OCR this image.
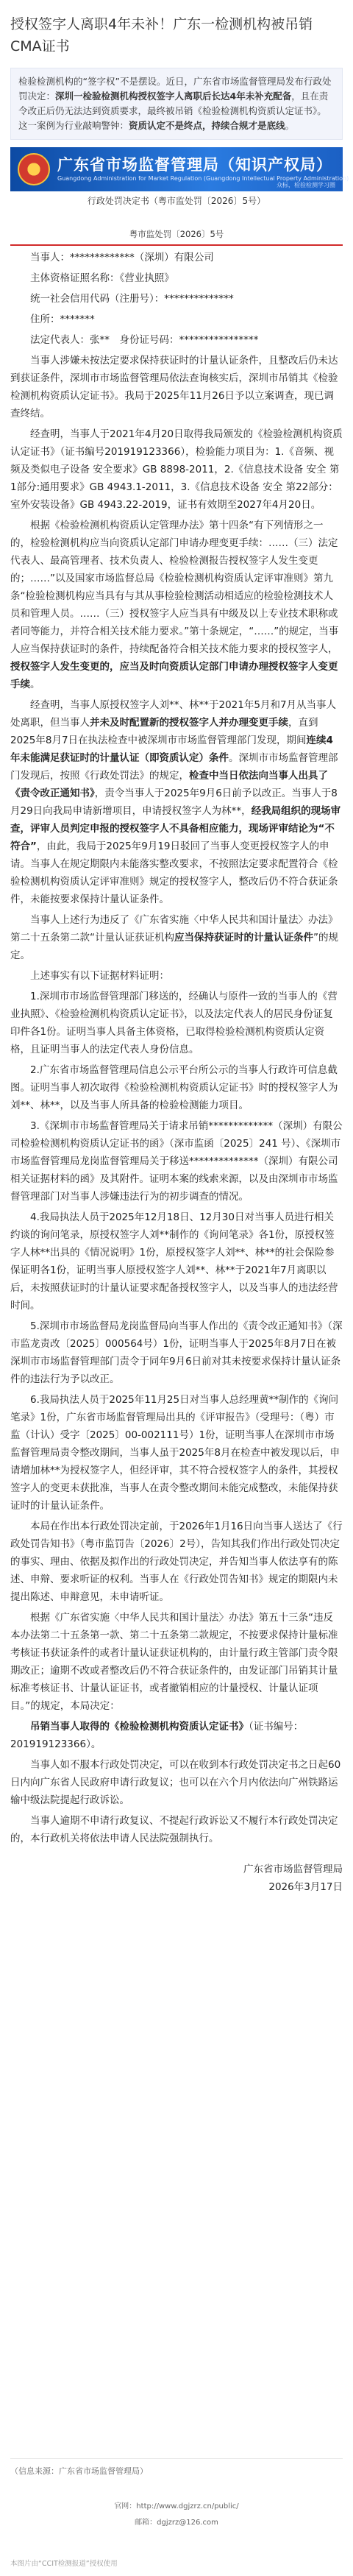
授权签字人离职4年未补！广东一检测机构被吊销CMA证书
检验检测机构的“签字权”不是摆设。近日，广东省市场监督管理局发布行政处罚决定：深圳一检验检测机构授权签字人离职后长达4年未补充配备，且在责令改正后仍无法达到资质要求，最终被吊销《检验检测机构资质认定证书》。这一案例为行业敲响警钟：资质认定不是终点，持续合规才是底线。
广东省市场监督管理局（知识产权局）
Guangdong Administration for Market Regulation (Guangdong Intellectual Property Administration)
众标，检验检测学习圈
行政处罚决定书（粤市监处罚〔2026〕5号）
粤市监处罚〔2026〕5号

当事人：*************（深圳）有限公司

主体资格证照名称：《营业执照》

统一社会信用代码（注册号）：**************

住所：*******

法定代表人：张**　身份证号码：****************

当事人涉嫌未按法定要求保持获证时的计量认证条件，且整改后仍未达到获证条件，深圳市市场监督管理局依法查询核实后，深圳市吊销其《检验检测机构资质认定证书》。我局于2025年11月26日予以立案调查，现已调查终结。

经查明，当事人于2021年4月20日取得我局颁发的《检验检测机构资质认定证书》（证书编号201919123366），检验能力项目为：1.《音频、视频及类似电子设备 安全要求》GB 8898-2011，2.《信息技术设备 安全 第1部分:通用要求》GB 4943.1-2011，3.《信息技术设备 安全 第22部分：室外安装设备》GB 4943.22-2019，证书有效期至2027年4月20日。

根据《检验检测机构资质认定管理办法》第十四条“有下列情形之一的，检验检测机构应当向资质认定部门申请办理变更手续：……（三）法定代表人、最高管理者、技术负责人、检验检测报告授权签字人发生变更的；……”以及国家市场监督总局《检验检测机构资质认定评审准则》第九条“检验检测机构应当具有与其从事检验检测活动相适应的检验检测技术人员和管理人员。……（三）授权签字人应当具有中级及以上专业技术职称或者同等能力，并符合相关技术能力要求。”第十条规定，“……”的规定，当事人应当保持获证时的条件，持续配备符合相关技术能力要求的授权签字人，授权签字人发生变更的，应当及时向资质认定部门申请办理授权签字人变更手续。

经查明，当事人原授权签字人刘**、林**于2021年5月和7月从当事人处离职，但当事人并未及时配置新的授权签字人并办理变更手续，直到2025年8月7日在执法检查中被深圳市市场监督管理部门发现，期间连续4年未能满足获证时的计量认证（即资质认定）条件。深圳市市场监督管理部门发现后，按照《行政处罚法》的规定，检查中当日依法向当事人出具了《责令改正通知书》，责令当事人于2025年9月6日前予以改正。当事人于8月29日向我局申请新增项目，申请授权签字人为林**，经我局组织的现场审查，评审人员判定申报的授权签字人不具备相应能力，现场评审结论为“不符合”，由此，我局于2025年9月19日驳回了当事人变更授权签字人的申请。当事人在规定期限内未能落实整改要求，不按照法定要求配置符合《检验检测机构资质认定评审准则》规定的授权签字人，整改后仍不符合获证条件，未能按要求保持计量认证条件。

当事人上述行为违反了《广东省实施〈中华人民共和国计量法〉办法》第二十五条第二款“计量认证获证机构应当保持获证时的计量认证条件”的规定。

上述事实有以下证据材料证明：

1.深圳市市场监督管理部门移送的，经确认与原件一致的当事人的《营业执照》、《检验检测机构资质认定证书》，以及法定代表人的居民身份证复印件各1份。证明当事人具备主体资格，已取得检验检测机构资质认定资格，且证明当事人的法定代表人身份信息。

2.广东省市场监督管理局信息公示平台所公示的当事人行政许可信息截图。证明当事人初次取得《检验检测机构资质认定证书》时的授权签字人为刘**、林**，以及当事人所具备的检验检测能力项目。

3.《深圳市市场监督管理局关于请求吊销*************（深圳）有限公司检验检测机构资质认定证书的函》（深市监函〔2025〕241 号）、《深圳市市场监督管理局龙岗监督管理局关于移送**************（深圳）有限公司相关证据材料的函》及其附件。证明本案的线索来源，以及由深圳市市场监督管理部门对当事人涉嫌违法行为的初步调查的情况。

4.我局执法人员于2025年12月18日、12月30日对当事人员进行相关约谈的询问笔录，原授权签字人刘**制作的《询问笔录》各1份，原授权签字人林**出具的《情况说明》1份，原授权签字人刘**、林**的社会保险参保证明各1份，证明当事人原授权签字人刘**、林**于2021年7月离职以后，未按照获证时的计量认证要求配备授权签字人，以及当事人的违法经营时间。

5.深圳市市场监督局龙岗监督局向当事人作出的《责令改正通知书》（深市监龙责改〔2025〕000564号）1份，证明当事人于2025年8月7日在被深圳市市场监督管理部门责令于同年9月6日前对其未按要求保持计量认证条件的违法行为予以改正。

6.我局执法人员于2025年11月25日对当事人总经理黄**制作的《询问笔录》1份，广东省市场监督管理局出具的《评审报告》（受理号：（粤）市监（计认）受字〔2025〕00-002111号）1份，证明当事人在深圳市市场监督管理局责令整改期间，当事人虽于2025年8月在检查中被发现以后，申请增加林**为授权签字人，但经评审，其不符合授权签字人的条件，其授权签字人的变更未获批准，当事人在责令整改期间未能完成整改，未能保持获证时的计量认证条件。

本局在作出本行政处罚决定前，于2026年1月16日向当事人送达了《行政处罚告知书》（粤市监罚告〔2026〕2号），告知其我们作出行政处罚决定的事实、理由、依据及拟作出的行政处罚决定，并告知当事人依法享有的陈述、申辩、要求听证的权利。当事人在《行政处罚告知书》规定的期限内未提出陈述、申辩意见，未申请听证。

根据《广东省实施〈中华人民共和国计量法〉办法》第五十三条“违反本办法第二十五条第一款、第二十五条第二款规定，不按要求保持计量标准考核证书获证条件的或者计量认证获证机构的，由计量行政主管部门责令限期改正；逾期不改或者整改后仍不符合获证条件的，由发证部门吊销其计量标准考核证书、计量认证证书，或者撤销相应的计量授权、计量认证项目。”的规定，本局决定：

吊销当事人取得的《检验检测机构资质认定证书》（证书编号：201919123366）。

当事人如不服本行政处罚决定，可以在收到本行政处罚决定书之日起60日内向广东省人民政府申请行政复议；也可以在六个月内依法向广州铁路运输中级法院提起行政诉讼。

当事人逾期不申请行政复议、不提起行政诉讼又不履行本行政处罚决定的，本行政机关将依法申请人民法院强制执行。

广东省市场监督管理局
2026年3月17日
（信息来源：广东省市场监督管理局）
官网：http://www.dgjzrz.cn/public/
邮箱：dgjzrz@126.com
本图片由“CCIT检测报道”授权使用
